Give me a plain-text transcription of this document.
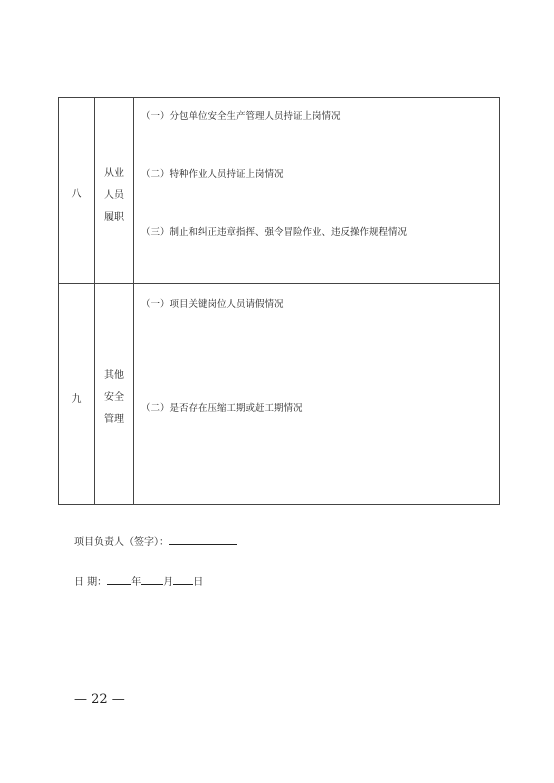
八
从业
人员
履职
（一）分包单位安全生产管理人员持证上岗情况
（二）特种作业人员持证上岗情况
（三）制止和纠正违章指挥、强令冒险作业、违反操作规程情况
九
其他
安全
管理
（一）项目关键岗位人员请假情况
（二）是否存在压缩工期或赶工期情况
项目负责人（签字）：
日 期： 年 月 日
— 22 —
